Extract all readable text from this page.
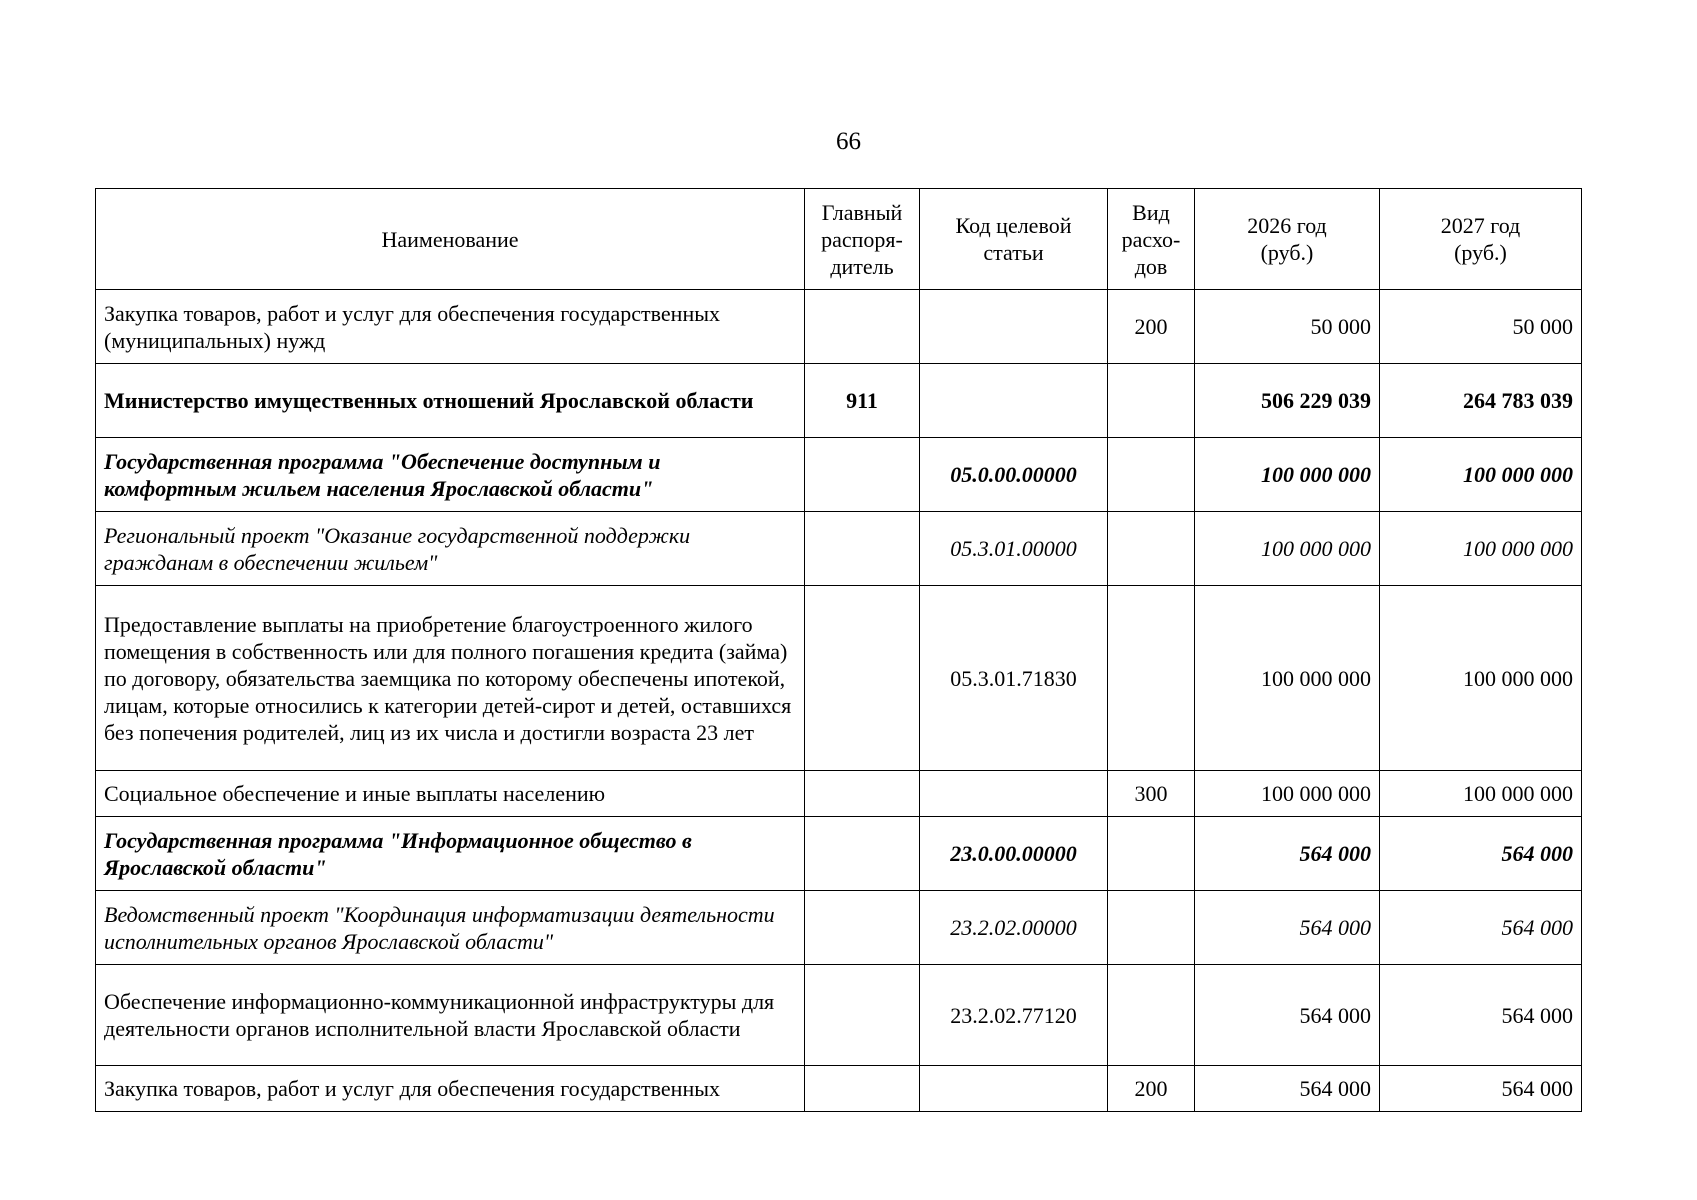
66
Наименование	Главный распоря-дитель	Код целевой статьи	Вид расхо-дов	2026 год (руб.)	2027 год (руб.)
Закупка товаров, работ и услуг для обеспечения государственных (муниципальных) нужд			200	50 000	50 000
Министерство имущественных отношений Ярославской области	911			506 229 039	264 783 039
Государственная программа "Обеспечение доступным и комфортным жильем населения Ярославской области"		05.0.00.00000		100 000 000	100 000 000
Региональный проект "Оказание государственной поддержки гражданам в обеспечении жильем"		05.3.01.00000		100 000 000	100 000 000
Предоставление выплаты на приобретение благоустроенного жилого помещения в собственность или для полного погашения кредита (займа) по договору, обязательства заемщика по которому обеспечены ипотекой, лицам, которые относились к категории детей-сирот и детей, оставшихся без попечения родителей, лиц из их числа и достигли возраста 23 лет		05.3.01.71830		100 000 000	100 000 000
Социальное обеспечение и иные выплаты населению			300	100 000 000	100 000 000
Государственная программа "Информационное общество в Ярославской области"		23.0.00.00000		564 000	564 000
Ведомственный проект "Координация информатизации деятельности исполнительных органов Ярославской области"		23.2.02.00000		564 000	564 000
Обеспечение информационно-коммуникационной инфраструктуры для деятельности органов исполнительной власти Ярославской области		23.2.02.77120		564 000	564 000
Закупка товаров, работ и услуг для обеспечения государственных			200	564 000	564 000
